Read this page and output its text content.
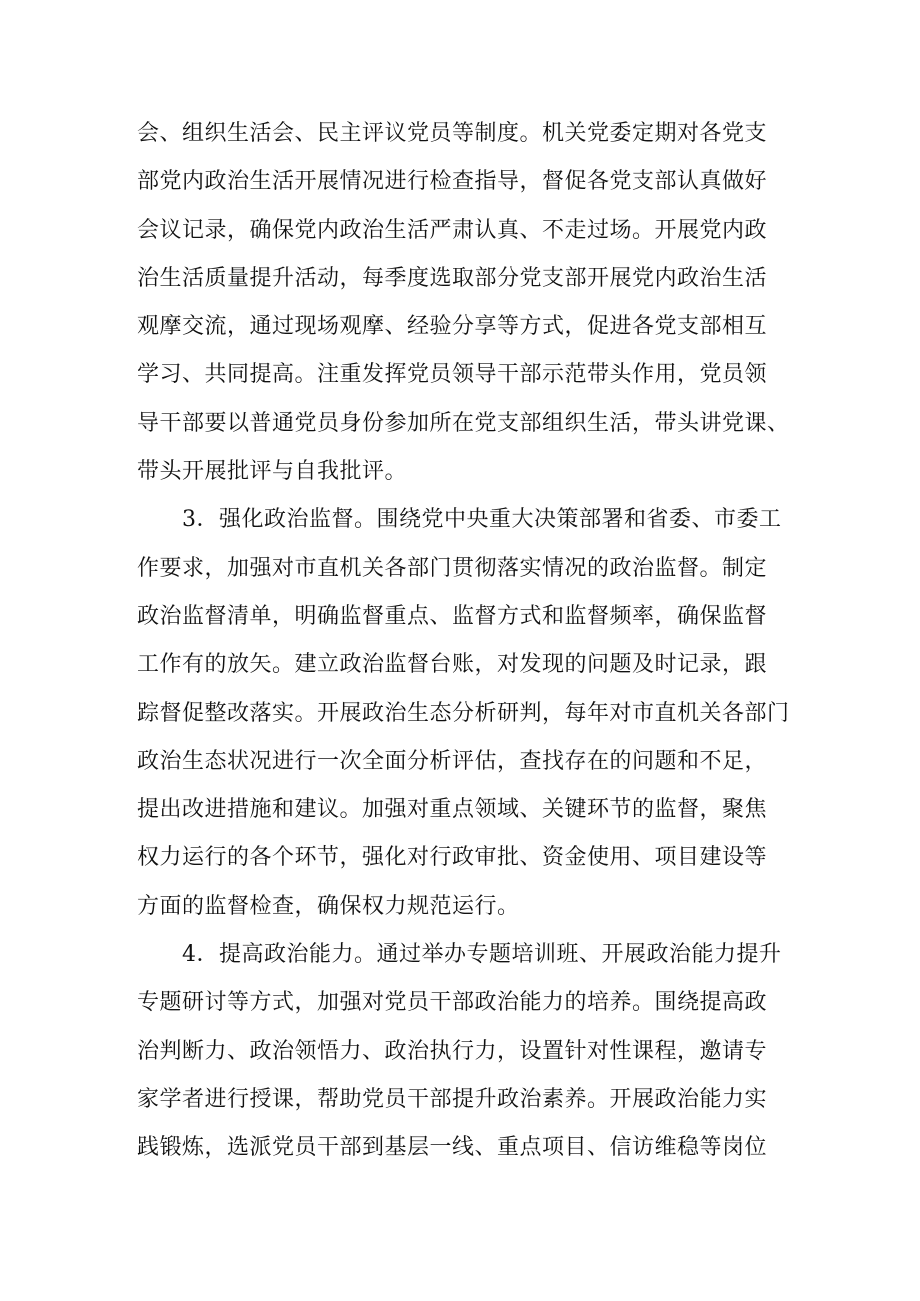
会、组织生活会、民主评议党员等制度。机关党委定期对各党支
部党内政治生活开展情况进行检查指导，督促各党支部认真做好
会议记录，确保党内政治生活严肃认真、不走过场。开展党内政
治生活质量提升活动，每季度选取部分党支部开展党内政治生活
观摩交流，通过现场观摩、经验分享等方式，促进各党支部相互
学习、共同提高。注重发挥党员领导干部示范带头作用，党员领
导干部要以普通党员身份参加所在党支部组织生活，带头讲党课、
带头开展批评与自我批评。
　　3．强化政治监督。围绕党中央重大决策部署和省委、市委工
作要求，加强对市直机关各部门贯彻落实情况的政治监督。制定
政治监督清单，明确监督重点、监督方式和监督频率，确保监督
工作有的放矢。建立政治监督台账，对发现的问题及时记录，跟
踪督促整改落实。开展政治生态分析研判，每年对市直机关各部门
政治生态状况进行一次全面分析评估，查找存在的问题和不足，
提出改进措施和建议。加强对重点领域、关键环节的监督，聚焦
权力运行的各个环节，强化对行政审批、资金使用、项目建设等
方面的监督检查，确保权力规范运行。
　　4．提高政治能力。通过举办专题培训班、开展政治能力提升
专题研讨等方式，加强对党员干部政治能力的培养。围绕提高政
治判断力、政治领悟力、政治执行力，设置针对性课程，邀请专
家学者进行授课，帮助党员干部提升政治素养。开展政治能力实
践锻炼，选派党员干部到基层一线、重点项目、信访维稳等岗位
